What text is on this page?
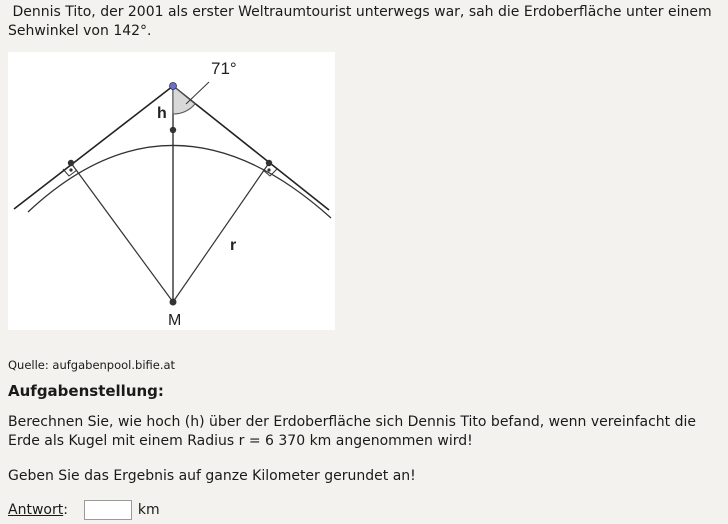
Dennis Tito, der 2001 als erster Weltraumtourist unterwegs war, sah die Erdoberfläche unter einem Sehwinkel von 142°.
71°
h
r
M
Quelle: aufgabenpool.bifie.at
Aufgabenstellung:
Berechnen Sie, wie hoch (h) über der Erdoberfläche sich Dennis Tito befand, wenn vereinfacht die Erde als Kugel mit einem Radius r = 6 370 km angenommen wird!
Geben Sie das Ergebnis auf ganze Kilometer gerundet an!
Antwort :	km
